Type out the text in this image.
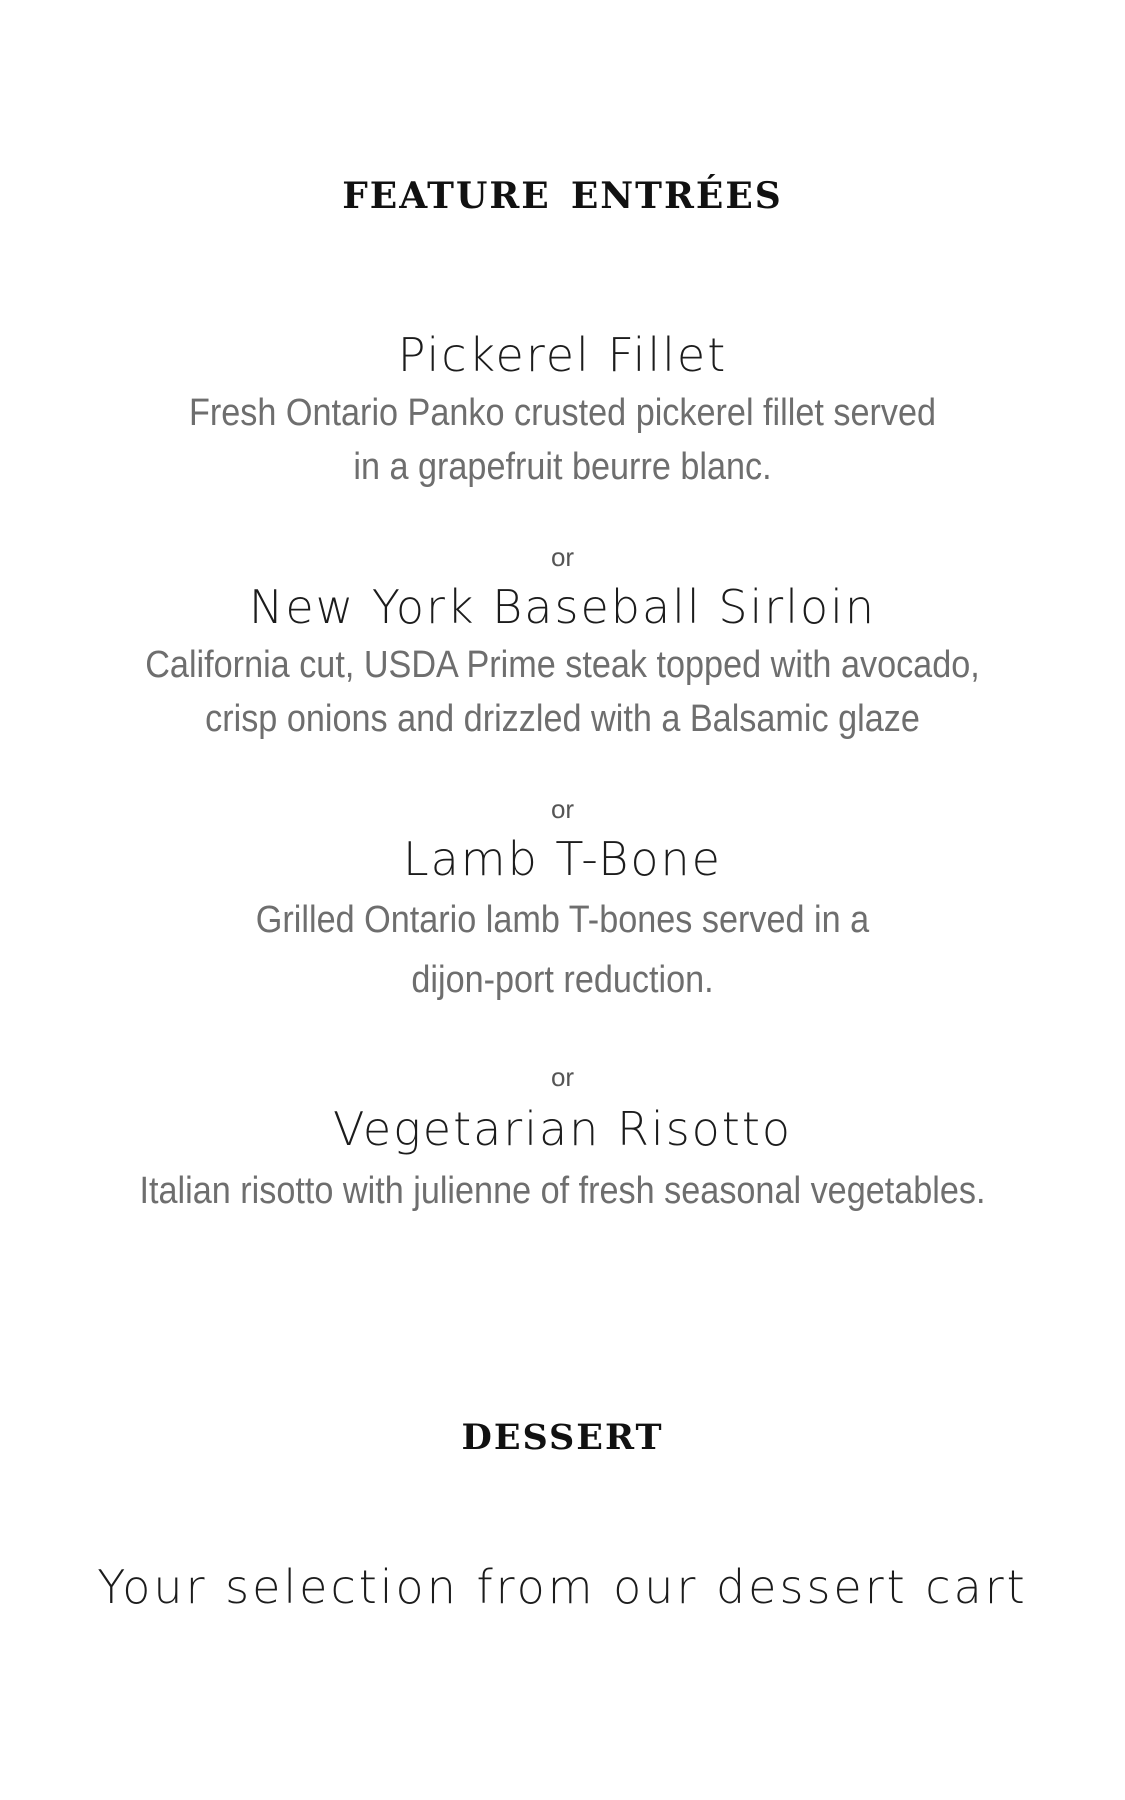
feature entrées
Pickerel Fillet

Fresh Ontario Panko crusted pickerel fillet served
in a grapefruit beurre blanc.

or

New York Baseball Sirloin

California cut, USDA Prime steak topped with avocado,
crisp onions and drizzled with a Balsamic glaze

or

Lamb T-Bone

Grilled Ontario lamb T-bones served in a
dijon-port reduction.

or

Vegetarian Risotto

Italian risotto with julienne of fresh seasonal vegetables.

dessert

Your selection from our dessert cart
